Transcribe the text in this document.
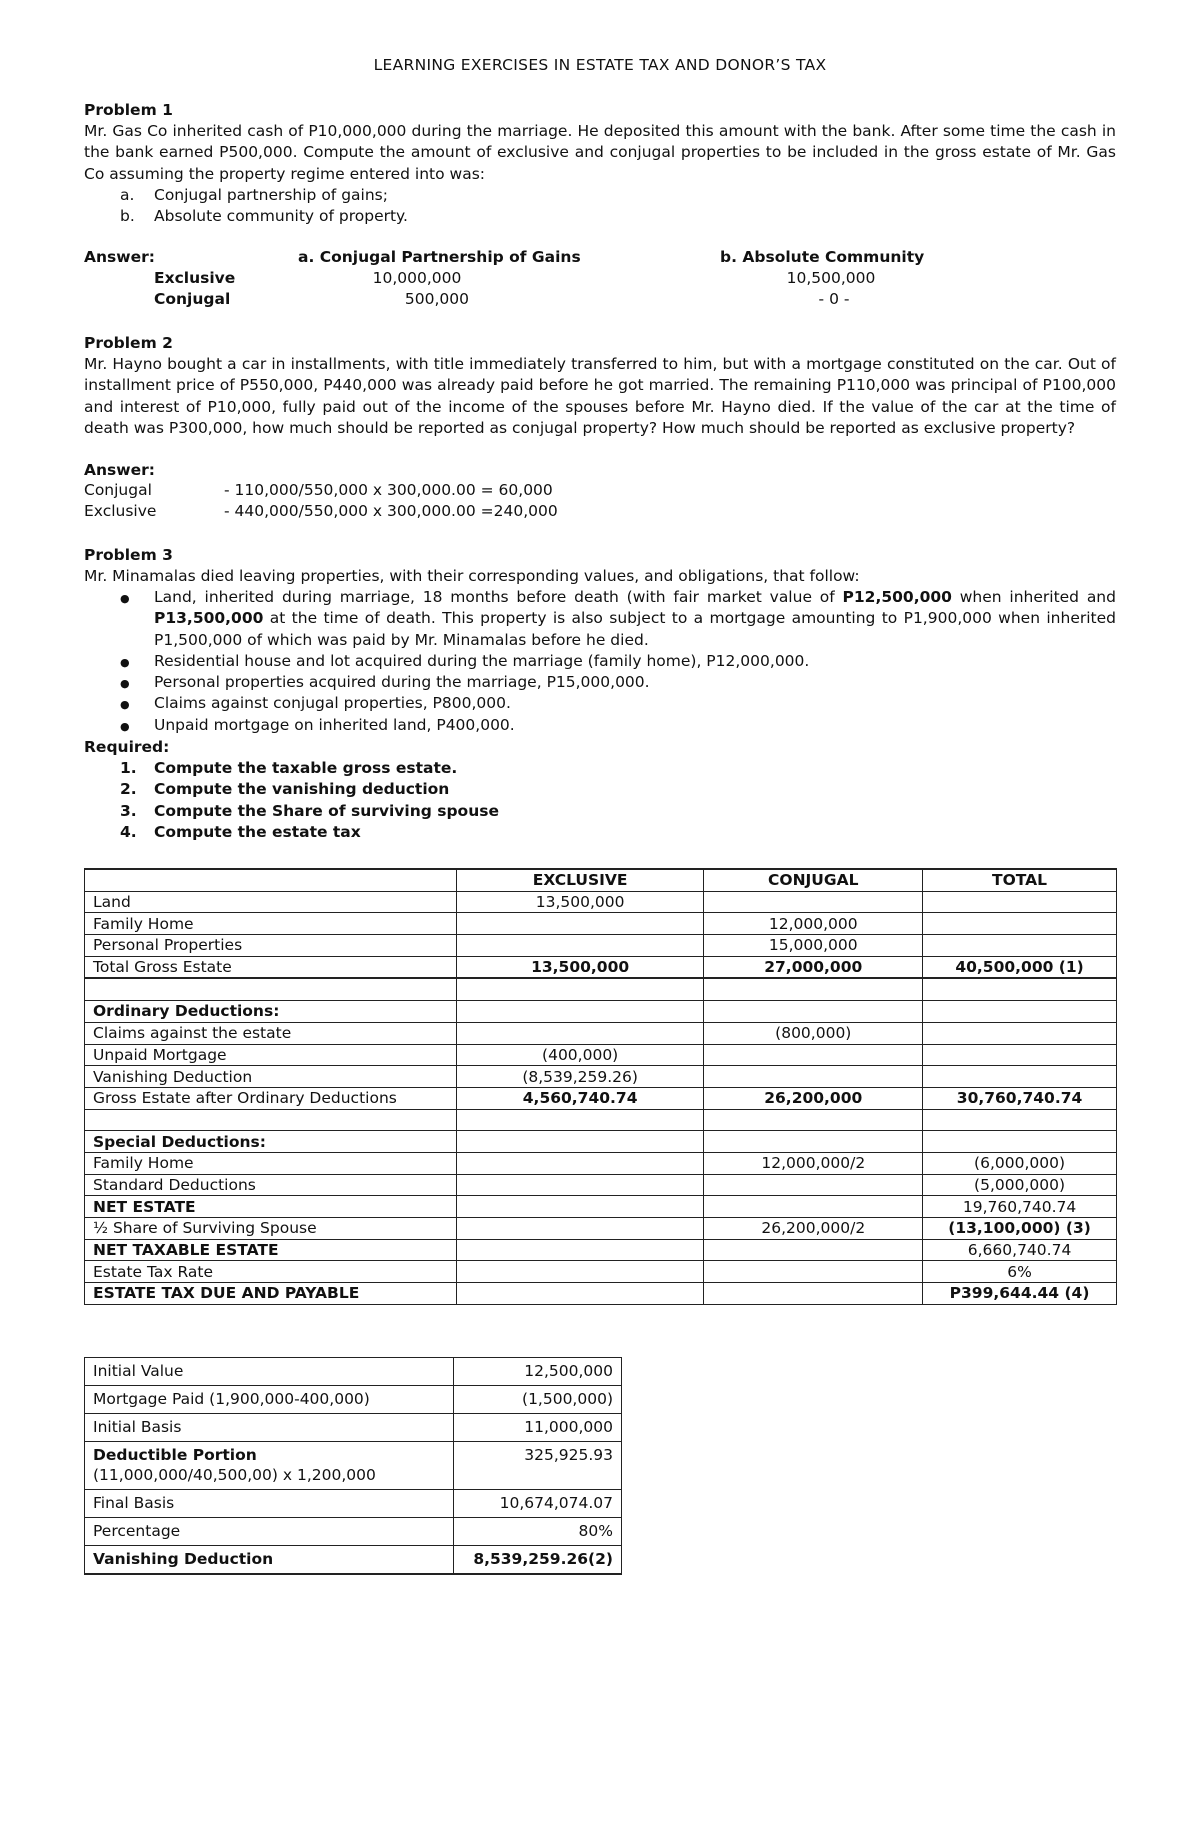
LEARNING EXERCISES IN ESTATE TAX AND DONOR’S TAX
Problem 1
Mr. Gas Co inherited cash of P10,000,000 during the marriage. He deposited this amount with the bank. After some time the cash in the bank earned P500,000. Compute the amount of exclusive and conjugal properties to be included in the gross estate of Mr. Gas Co assuming the property regime entered into was:
a. Conjugal partnership of gains;
b. Absolute community of property.
Answer:	a. Conjugal Partnership of Gains	b. Absolute Community
Exclusive	10,000,000	10,500,000
Conjugal	500,000	- 0 -
Problem 2
Mr. Hayno bought a car in installments, with title immediately transferred to him, but with a mortgage constituted on the car. Out of installment price of P550,000, P440,000 was already paid before he got married. The remaining P110,000 was principal of P100,000 and interest of P10,000, fully paid out of the income of the spouses before Mr. Hayno died. If the value of the car at the time of death was P300,000, how much should be reported as conjugal property? How much should be reported as exclusive property?
Answer:
Conjugal	- 110,000/550,000 x 300,000.00 = 60,000
Exclusive	- 440,000/550,000 x 300,000.00 =240,000
Problem 3
Mr. Minamalas died leaving properties, with their corresponding values, and obligations, that follow:
● Land, inherited during marriage, 18 months before death (with fair market value of P12,500,000 when inherited and P13,500,000 at the time of death. This property is also subject to a mortgage amounting to P1,900,000 when inherited P1,500,000 of which was paid by Mr. Minamalas before he died.
● Residential house and lot acquired during the marriage (family home), P12,000,000.
● Personal properties acquired during the marriage, P15,000,000.
● Claims against conjugal properties, P800,000.
● Unpaid mortgage on inherited land, P400,000.
Required:
1. Compute the taxable gross estate.
2. Compute the vanishing deduction
3. Compute the Share of surviving spouse
4. Compute the estate tax
	EXCLUSIVE	CONJUGAL	TOTAL
Land	13,500,000		
Family Home		12,000,000	
Personal Properties		15,000,000	
Total Gross Estate	13,500,000	27,000,000	40,500,000 (1)

Ordinary Deductions:			
Claims against the estate		(800,000)	
Unpaid Mortgage	(400,000)		
Vanishing Deduction	(8,539,259.26)		
Gross Estate after Ordinary Deductions	4,560,740.74	26,200,000	30,760,740.74

Special Deductions:			
Family Home		12,000,000/2	(6,000,000)
Standard Deductions			(5,000,000)
NET ESTATE			19,760,740.74
½ Share of Surviving Spouse		26,200,000/2	(13,100,000) (3)
NET TAXABLE ESTATE			6,660,740.74
Estate Tax Rate			6%
ESTATE TAX DUE AND PAYABLE			P399,644.44 (4)
Initial Value	12,500,000
Mortgage Paid (1,900,000-400,000)	(1,500,000)
Initial Basis	11,000,000

Deductible Portion
(11,000,000/40,500,00) x 1,200,000	325,925.93
Final Basis	10,674,074.07
Percentage	80%
Vanishing Deduction	8,539,259.26(2)
